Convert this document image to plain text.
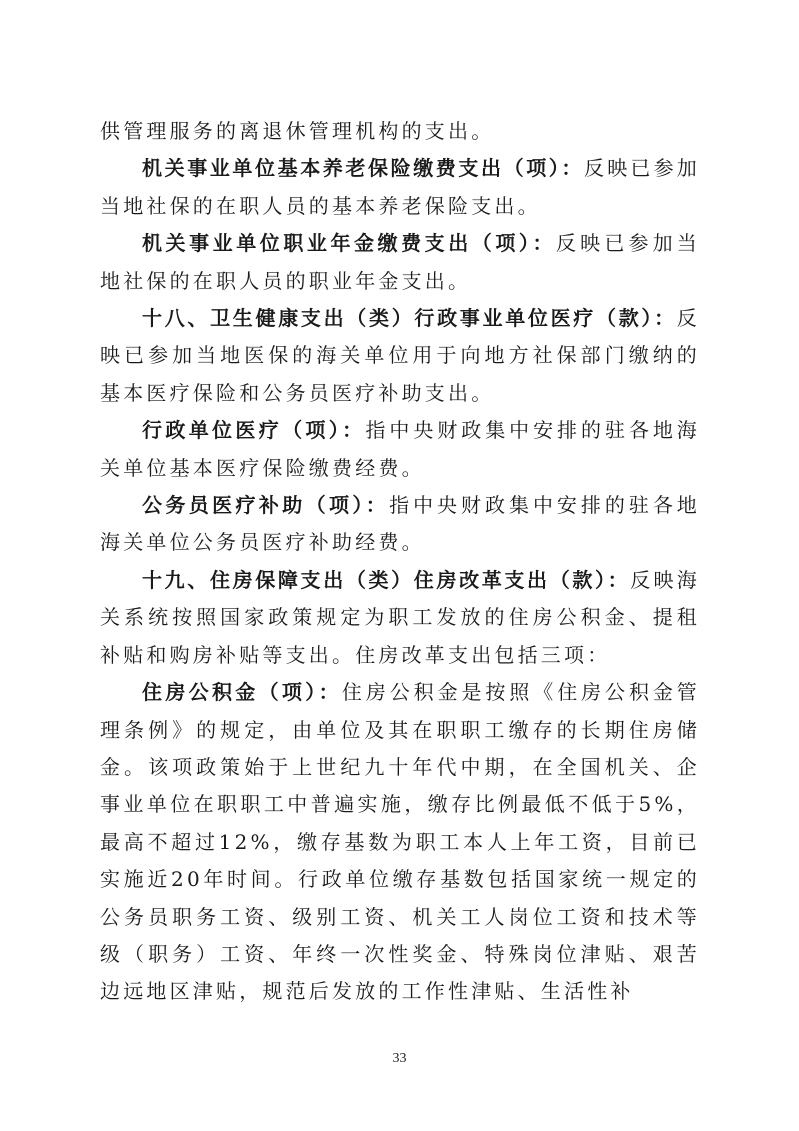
供管理服务的离退休管理机构的支出。

机关事业单位基本养老保险缴费支出（项）：反映已参加当地社保的在职人员的基本养老保险支出。

机关事业单位职业年金缴费支出（项）：反映已参加当地社保的在职人员的职业年金支出。

十八、卫生健康支出（类）行政事业单位医疗（款）：反映已参加当地医保的海关单位用于向地方社保部门缴纳的基本医疗保险和公务员医疗补助支出。

行政单位医疗（项）：指中央财政集中安排的驻各地海关单位基本医疗保险缴费经费。

公务员医疗补助（项）：指中央财政集中安排的驻各地海关单位公务员医疗补助经费。

十九、住房保障支出（类）住房改革支出（款）：反映海关系统按照国家政策规定为职工发放的住房公积金、提租补贴和购房补贴等支出。住房改革支出包括三项：

住房公积金（项）：住房公积金是按照《住房公积金管理条例》的规定，由单位及其在职职工缴存的长期住房储金。该项政策始于上世纪九十年代中期，在全国机关、企事业单位在职职工中普遍实施，缴存比例最低不低于5%，最高不超过12%，缴存基数为职工本人上年工资，目前已实施近20年时间。行政单位缴存基数包括国家统一规定的公务员职务工资、级别工资、机关工人岗位工资和技术等级（职务）工资、年终一次性奖金、特殊岗位津贴、艰苦边远地区津贴，规范后发放的工作性津贴、生活性补

33
